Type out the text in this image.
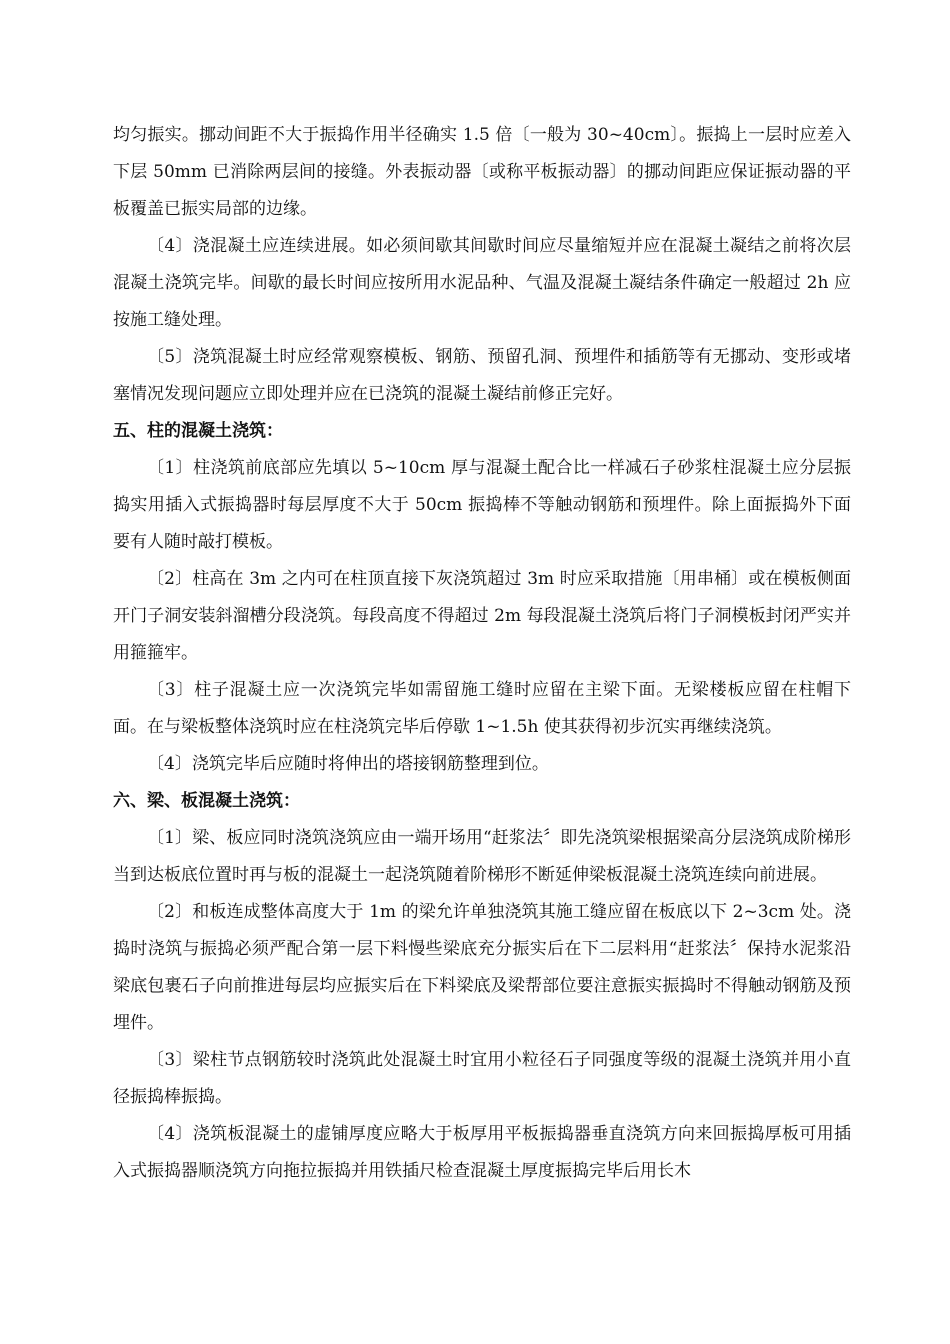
均匀振实。挪动间距不大于振捣作用半径确实 1.5 倍〔一般为 30~40cm〕。振捣上一层时应差入下层 50mm 已消除两层间的接缝。外表振动器〔或称平板振动器〕的挪动间距应保证振动器的平板覆盖已振实局部的边缘。

〔4〕浇混凝土应连续进展。如必须间歇其间歇时间应尽量缩短并应在混凝土凝结之前将次层混凝土浇筑完毕。间歇的最长时间应按所用水泥品种、气温及混凝土凝结条件确定一般超过 2h 应按施工缝处理。

〔5〕浇筑混凝土时应经常观察模板、钢筋、预留孔洞、预埋件和插筋等有无挪动、变形或堵塞情况发现问题应立即处理并应在已浇筑的混凝土凝结前修正完好。

五、柱的混凝土浇筑：

〔1〕柱浇筑前底部应先填以 5~10cm 厚与混凝土配合比一样减石子砂浆柱混凝土应分层振捣实用插入式振捣器时每层厚度不大于 50cm 振捣棒不等触动钢筋和预埋件。除上面振捣外下面要有人随时敲打模板。

〔2〕柱高在 3m 之内可在柱顶直接下灰浇筑超过 3m 时应采取措施〔用串桶〕或在模板侧面开门子洞安装斜溜槽分段浇筑。每段高度不得超过 2m 每段混凝土浇筑后将门子洞模板封闭严实并用箍箍牢。

〔3〕柱子混凝土应一次浇筑完毕如需留施工缝时应留在主梁下面。无梁楼板应留在柱帽下面。在与梁板整体浇筑时应在柱浇筑完毕后停歇 1~1.5h 使其获得初步沉实再继续浇筑。

〔4〕浇筑完毕后应随时将伸出的塔接钢筋整理到位。

六、梁、板混凝土浇筑：

〔1〕梁、板应同时浇筑浇筑应由一端开场用“赶浆法〞即先浇筑梁根据梁高分层浇筑成阶梯形当到达板底位置时再与板的混凝土一起浇筑随着阶梯形不断延伸梁板混凝土浇筑连续向前进展。

〔2〕和板连成整体高度大于 1m 的梁允许单独浇筑其施工缝应留在板底以下 2~3cm 处。浇捣时浇筑与振捣必须严配合第一层下料慢些梁底充分振实后在下二层料用“赶浆法〞保持水泥浆沿梁底包裹石子向前推进每层均应振实后在下料梁底及梁帮部位要注意振实振捣时不得触动钢筋及预埋件。

〔3〕梁柱节点钢筋较时浇筑此处混凝土时宜用小粒径石子同强度等级的混凝土浇筑并用小直径振捣棒振捣。

〔4〕浇筑板混凝土的虚铺厚度应略大于板厚用平板振捣器垂直浇筑方向来回振捣厚板可用插入式振捣器顺浇筑方向拖拉振捣并用铁插尺检查混凝土厚度振捣完毕后用长木
